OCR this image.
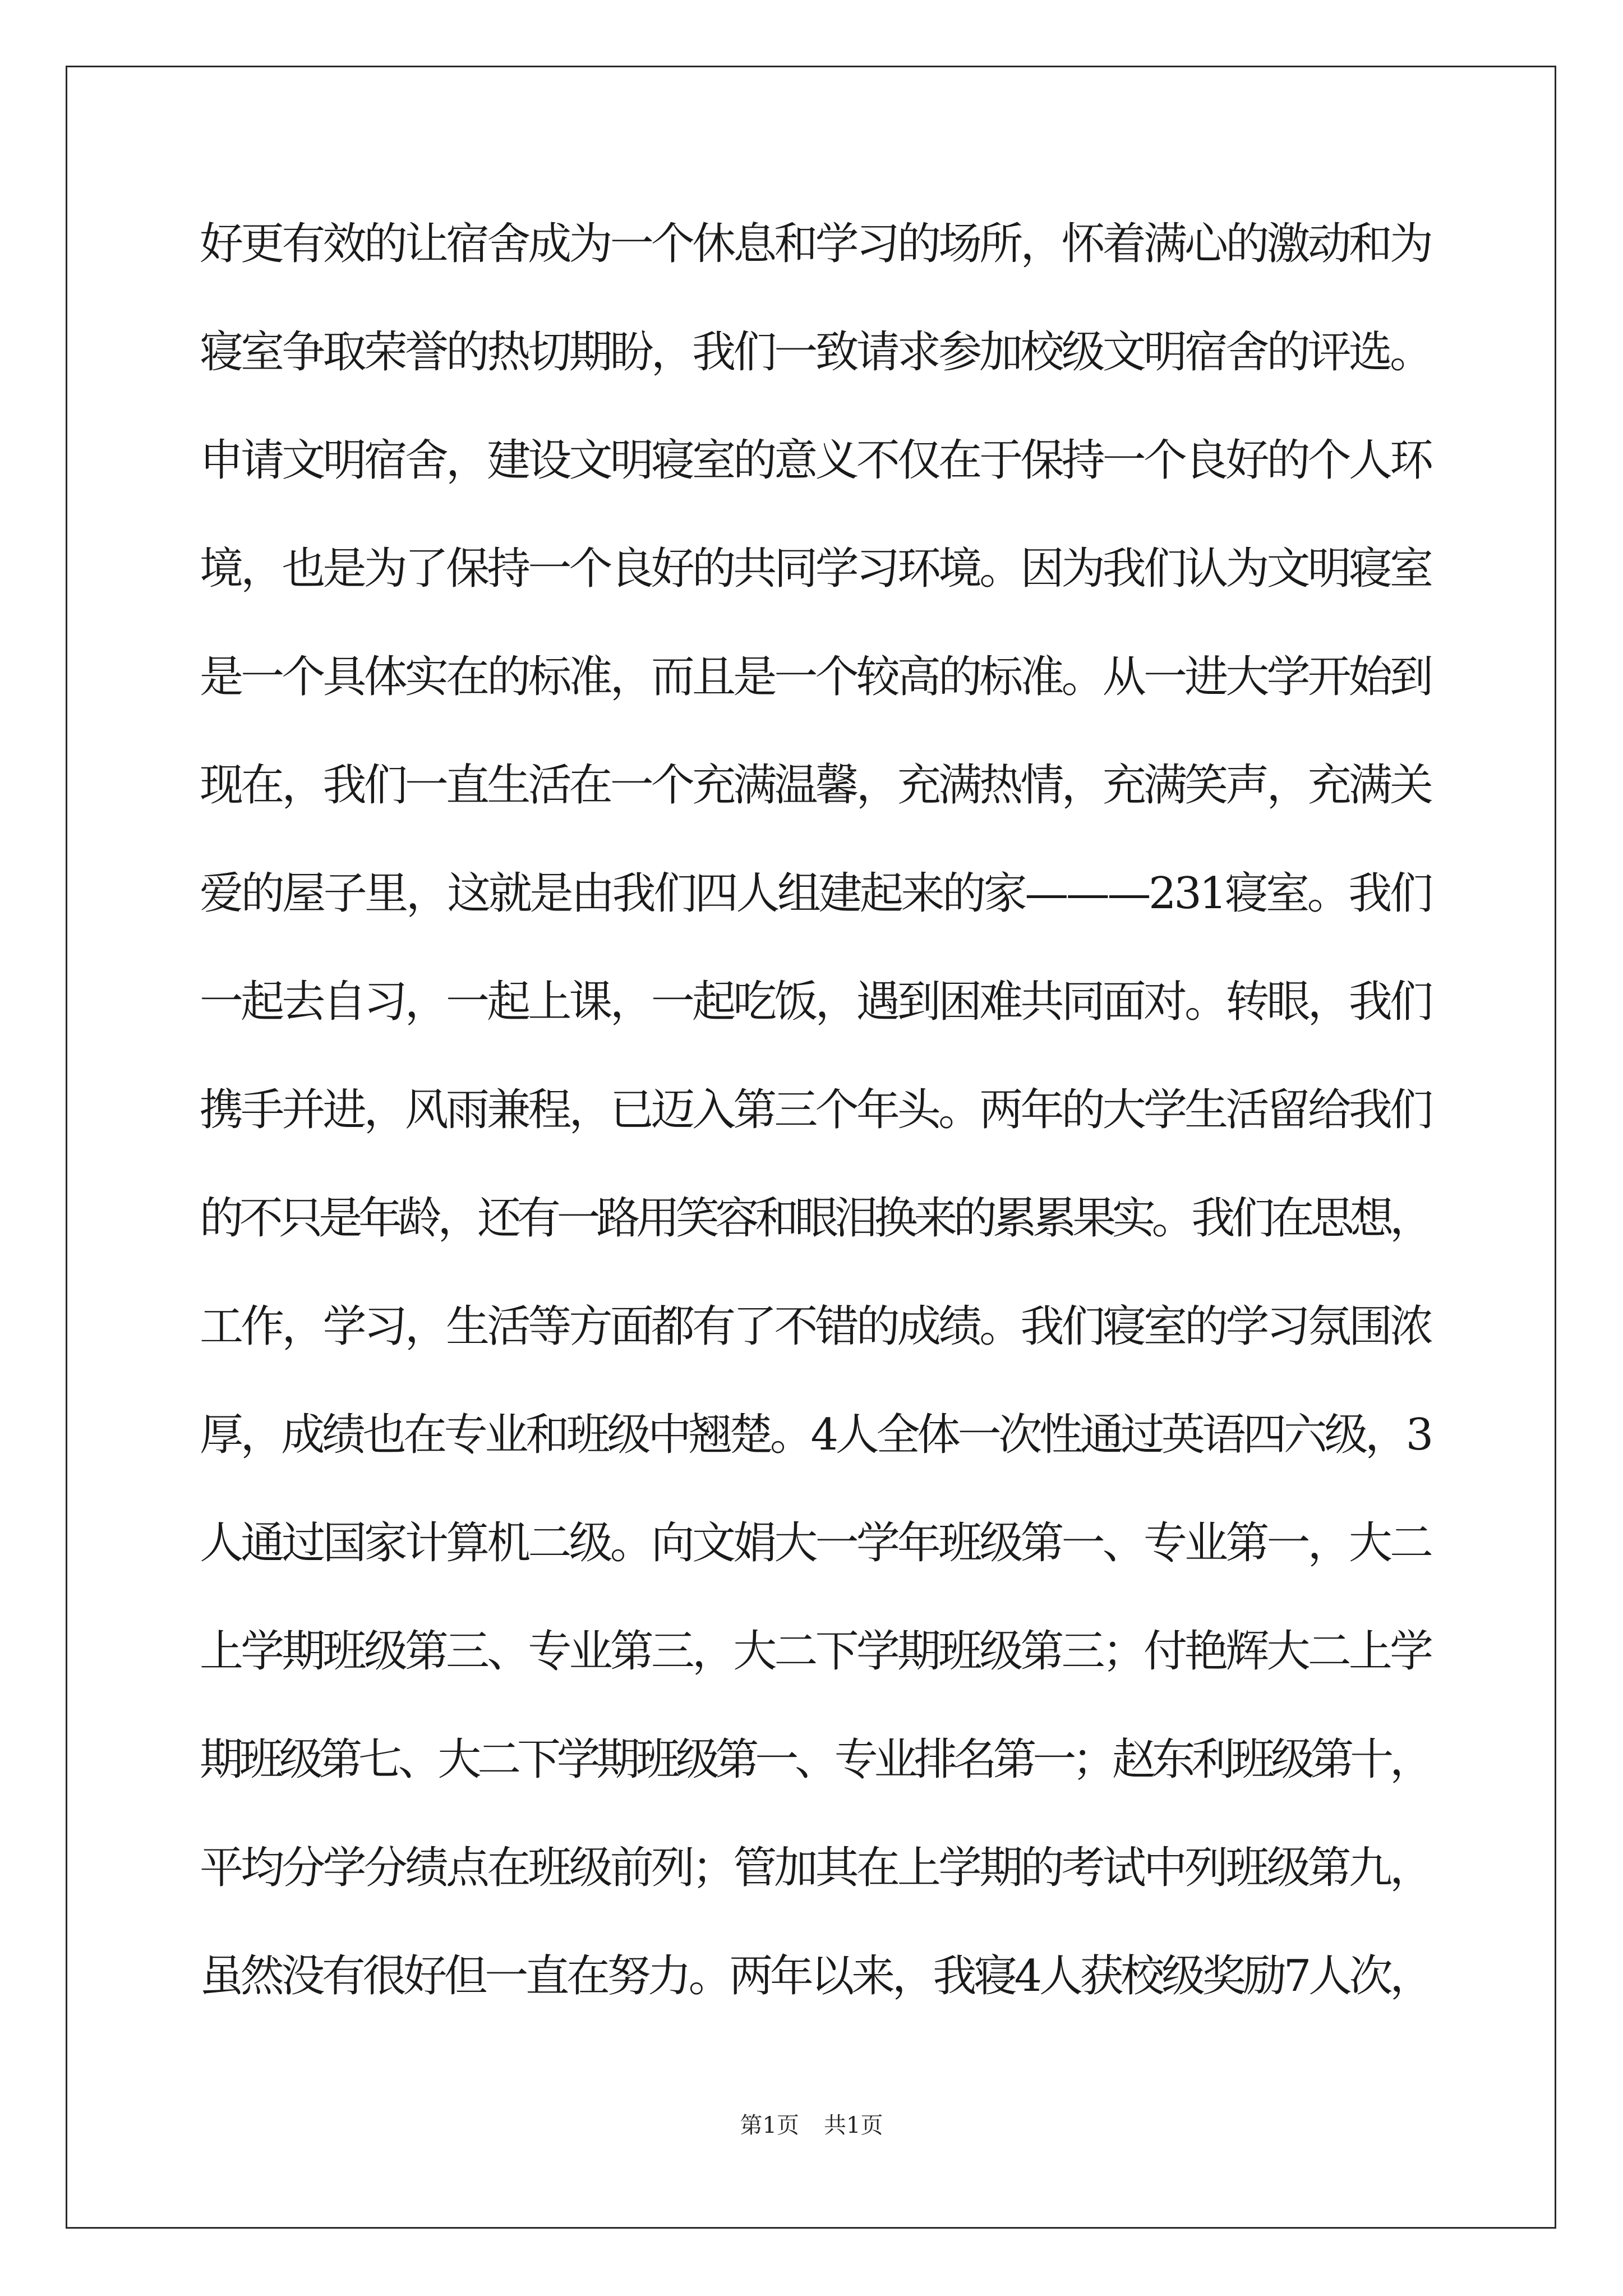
好更有效的让宿舍成为一个休息和学习的场所，怀着满心的激动和为
寝室争取荣誉的热切期盼，我们一致请求参加校级文明宿舍的评选。
申请文明宿舍，建设文明寝室的意义不仅在于保持一个良好的个人环
境，也是为了保持一个良好的共同学习环境。因为我们认为文明寝室
是一个具体实在的标准，而且是一个较高的标准。从一进大学开始到
现在，我们一直生活在一个充满温馨，充满热情，充满笑声，充满关
爱的屋子里，这就是由我们四人组建起来的家———231寝室。我们
一起去自习，一起上课，一起吃饭，遇到困难共同面对。转眼，我们
携手并进，风雨兼程，已迈入第三个年头。两年的大学生活留给我们
的不只是年龄，还有一路用笑容和眼泪换来的累累果实。我们在思想，
工作，学习，生活等方面都有了不错的成绩。我们寝室的学习氛围浓
厚，成绩也在专业和班级中翘楚。4人全体一次性通过英语四六级，3
人通过国家计算机二级。向文娟大一学年班级第一、专业第一，大二
上学期班级第三、专业第三，大二下学期班级第三；付艳辉大二上学
期班级第七、大二下学期班级第一、专业排名第一；赵东利班级第十，
平均分学分绩点在班级前列；管加其在上学期的考试中列班级第九，
虽然没有很好但一直在努力。两年以来，我寝4人获校级奖励7人次，
第1页 共1页
